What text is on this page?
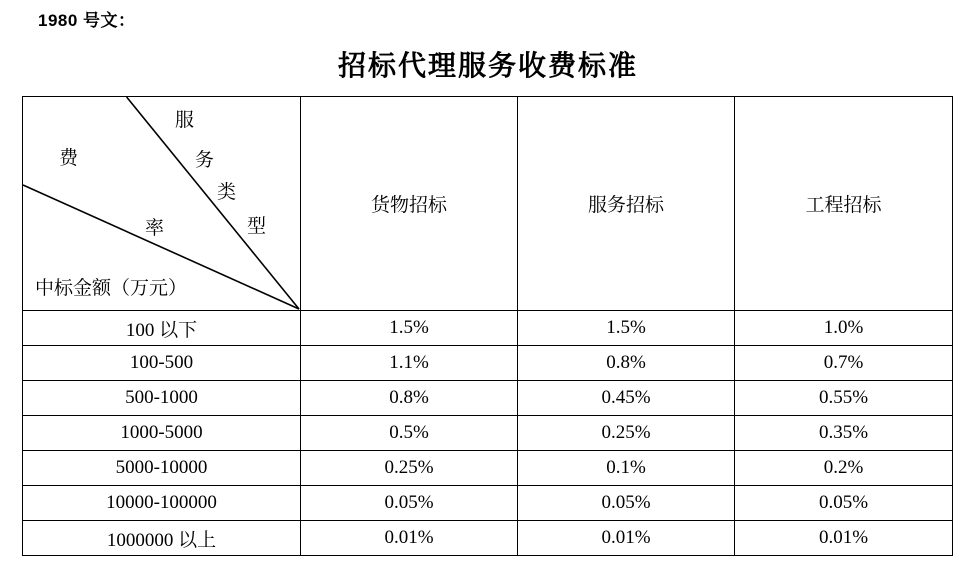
1980 号文：
招标代理服务收费标准
服
费	务
类
率	型
中标金额（万元）
	货物招标	服务招标	工程招标
100 以下	1.5%	1.5%	1.0%
100-500	1.1%	0.8%	0.7%
500-1000	0.8%	0.45%	0.55%
1000-5000	0.5%	0.25%	0.35%
5000-10000	0.25%	0.1%	0.2%
10000-100000	0.05%	0.05%	0.05%
1000000 以上	0.01%	0.01%	0.01%
